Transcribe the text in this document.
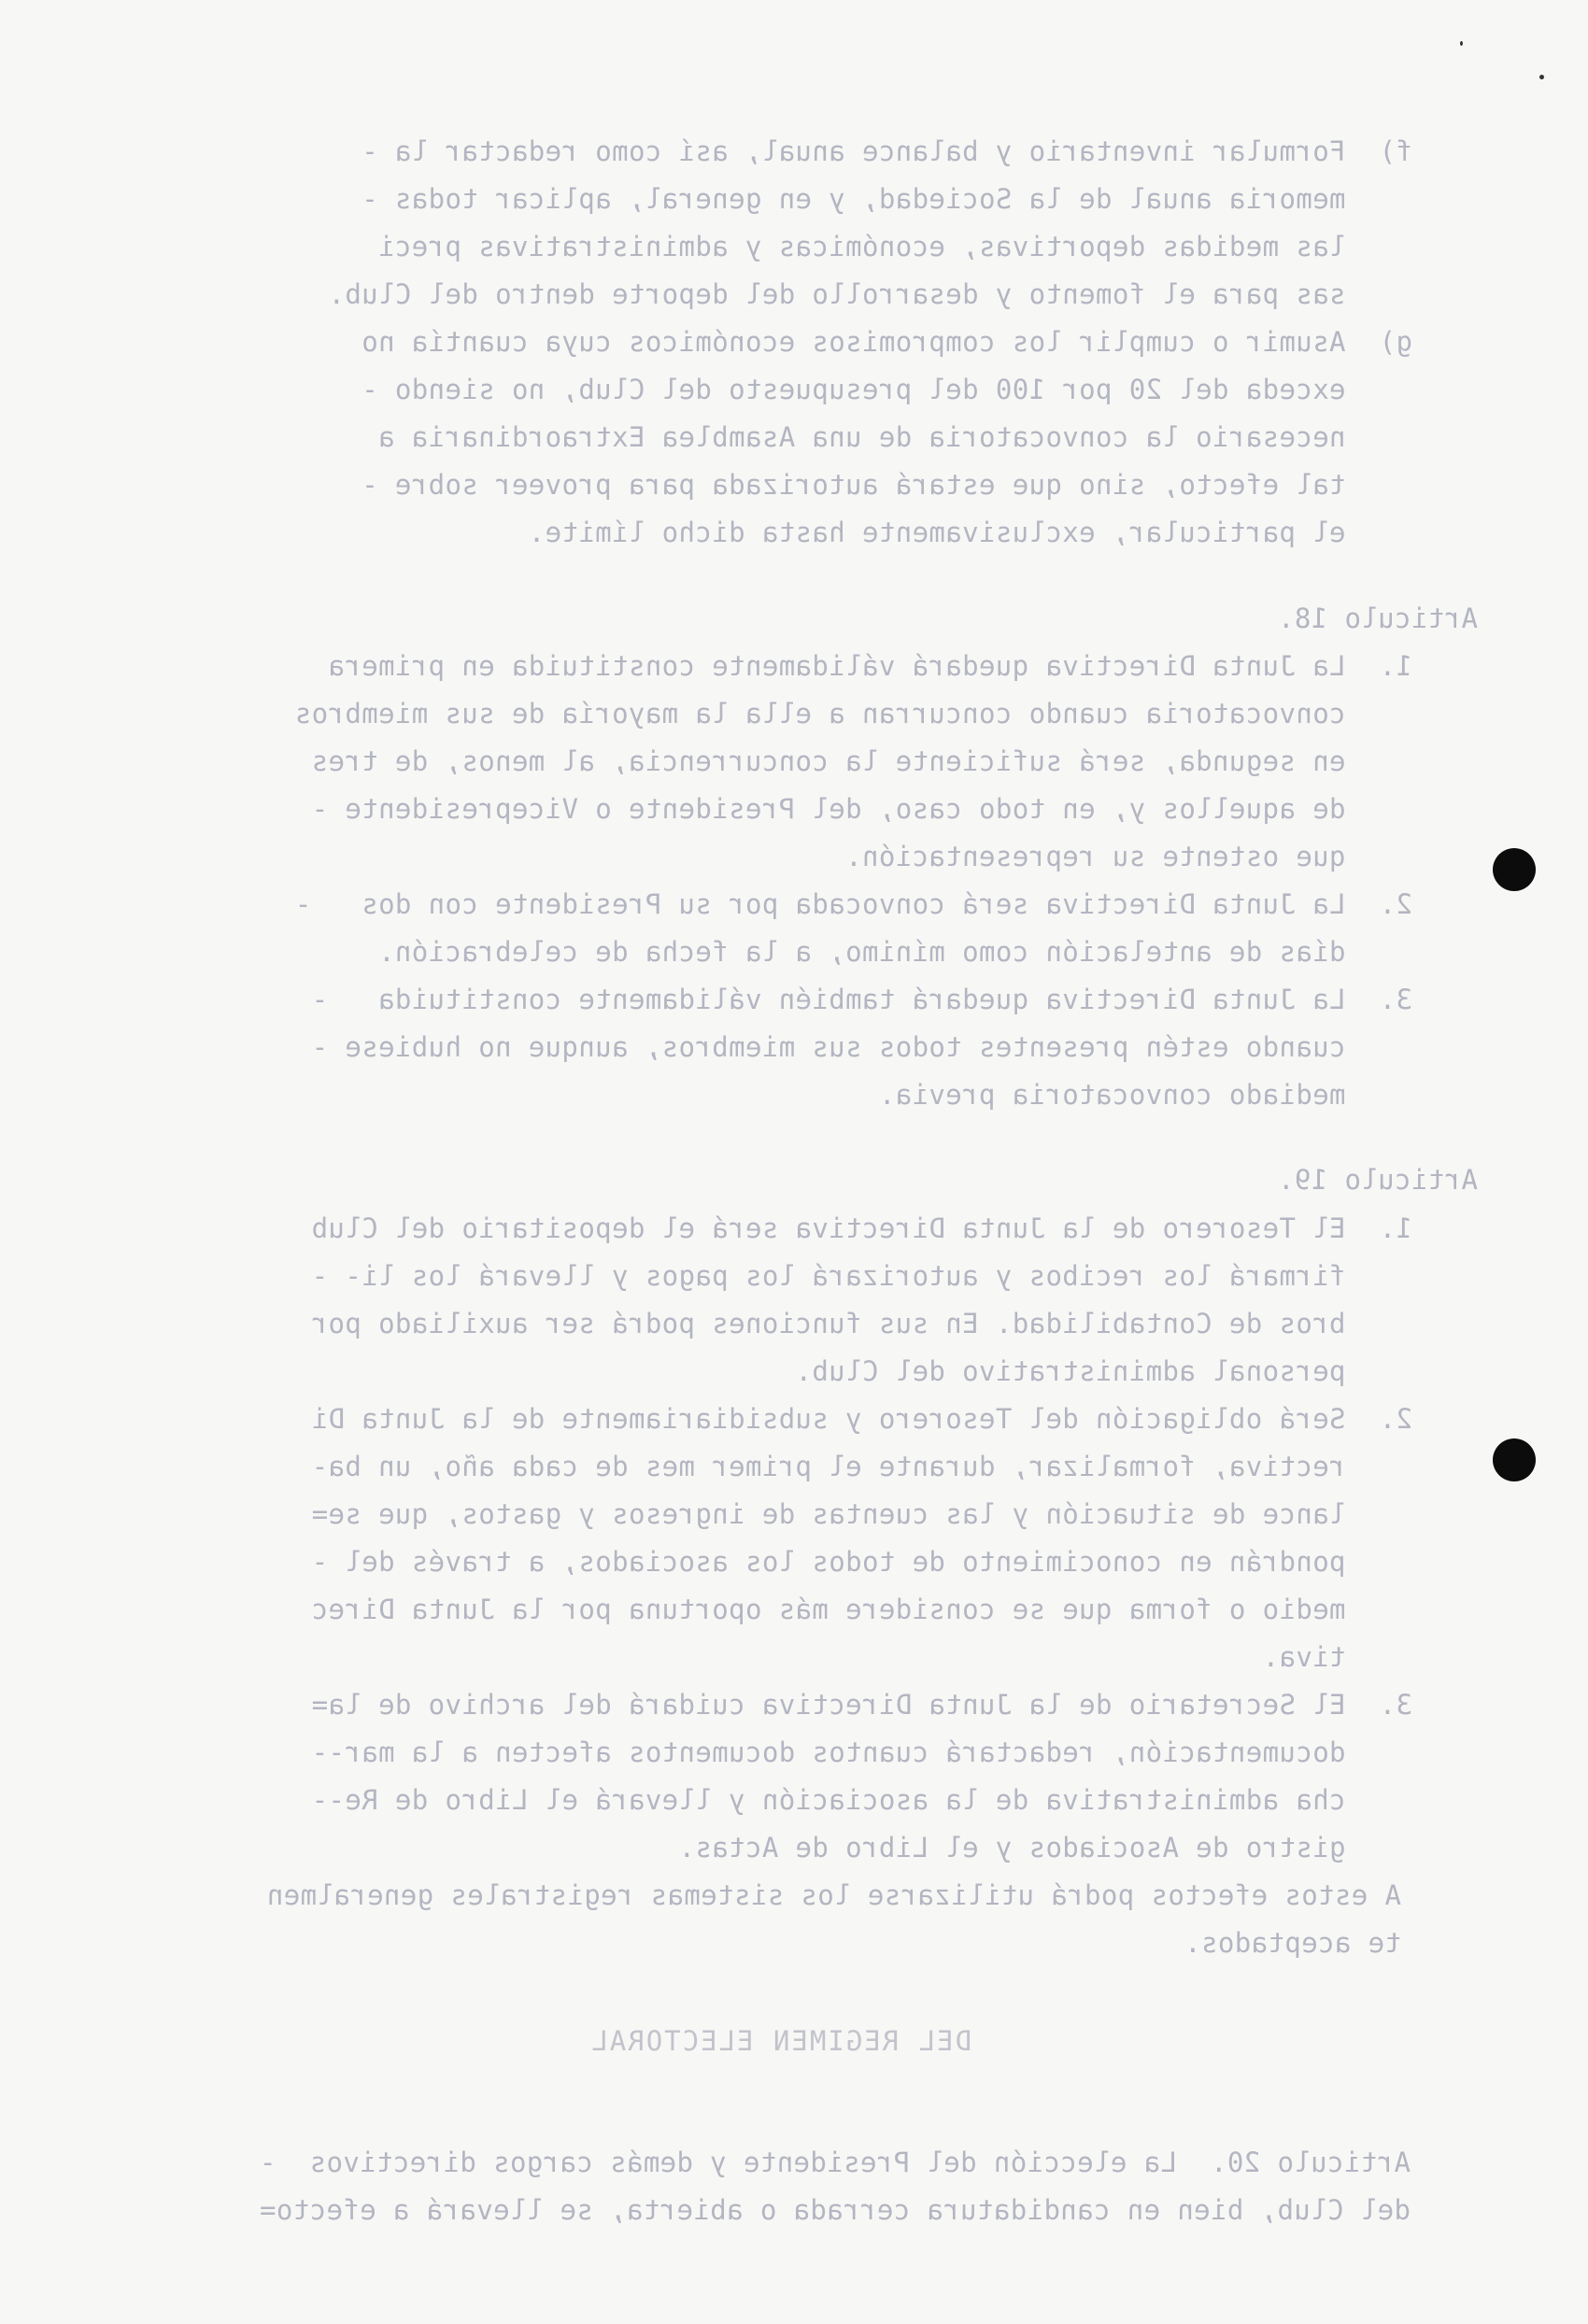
f)  Formular inventario y balance anual, así como redactar la -
memoria anual de la Sociedad, y en general, aplicar todas -
las medidas deportivas, económicas y administrativas preci
sas para el fomento y desarrollo del deporte dentro del Club.
g)  Asumir o cumplir los compromisos económicos cuya cuantía no
exceda del 20 por 100 del presupuesto del Club, no siendo -
necesario la convocatoria de una Asamblea Extraordinaria a
tal efecto, sino que estará autorizada para proveer sobre -
el particular, exclusivamente hasta dicho límite.
Articulo 18.
1.  La Junta Directiva quedará válidamente constituida en primera
convocatoria cuando concurran a ella la mayoría de sus miembros
en segunda, será suficiente la concurrencia, al menos, de tres
de aquellos y, en todo caso, del Presidente o Vicepresidente -
que ostente su representación.
2.  La Junta Directiva será convocada por su Presidente con dos   -
días de antelación como mínimo, a la fecha de celebración.
3.  La Junta Directiva quedará también válidamente constituida   -
cuando estén presentes todos sus miembros, aunque no hubiese -
mediado convocatoria previa.
Articulo 19.
1.  El Tesorero de la Junta Directiva será el depositario del Club
firmará los recibos y autorizará los pagos y llevará los li- -
bros de Contabilidad. En sus funciones podrá ser auxiliado por
personal administrativo del Club.
2.  Será obligación del Tesorero y subsidiariamente de la Junta Di
rectiva, formalizar, durante el primer mes de cada año, un ba-
lance de situación y las cuentas de ingresos y gastos, que se=
pondrán en conocimiento de todos los asociados, a través del -
medio o forma que se considere más oportuna por la Junta Direc
tiva.
3.  El Secretario de la Junta Directiva cuidará del archivo de la=
documentación, redactará cuantos documentos afecten a la mar--
cha administrativa de la asociación y llevará el Libro de Re--
gistro de Asociados y el Libro de Actas.
A estos efectos podrá utilizarse los sistemas registrales generalmen
te aceptados.
DEL REGIMEN ELECTORAL
Articulo 20.  La elección del Presidente y demás cargos directivos  -
del Club, bien en candidatura cerrada o abierta, se llevará a efecto=
